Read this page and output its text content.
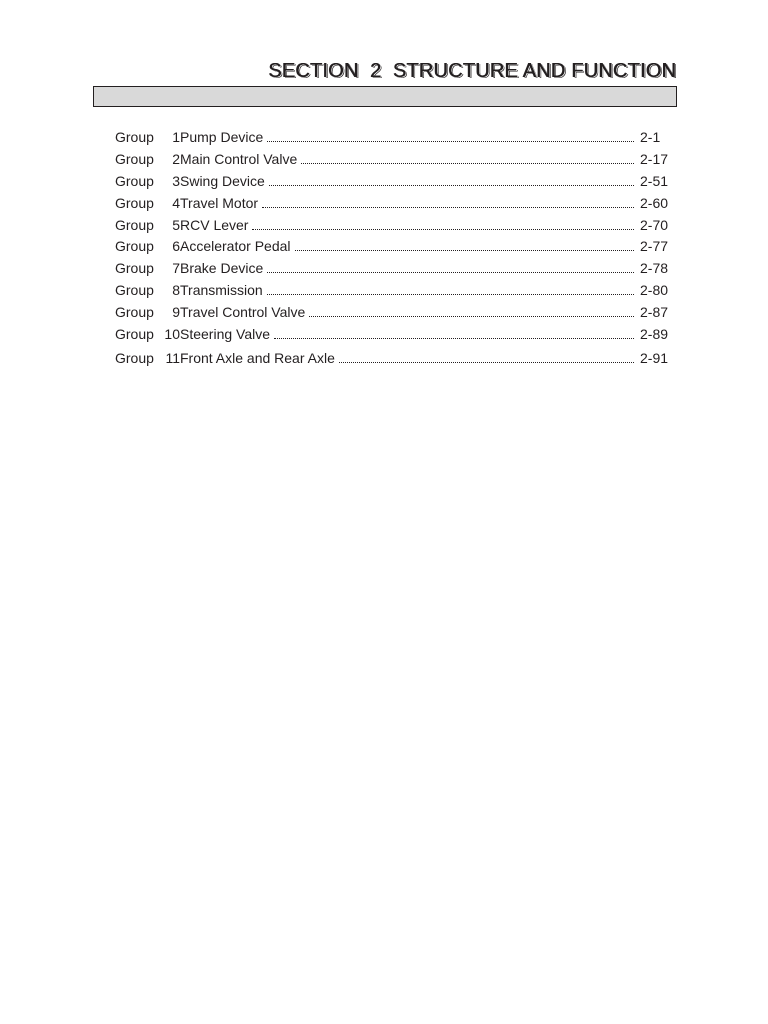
SECTION  2  STRUCTURE AND FUNCTION
Group	1 Pump Device	2-1
Group	2 Main Control Valve	2-17
Group	3 Swing Device	2-51
Group	4 Travel Motor	2-60
Group	5 RCV Lever	2-70
Group	6 Accelerator Pedal	2-77
Group	7 Brake Device	2-78
Group	8 Transmission	2-80
Group	9 Travel Control Valve	2-87
Group 10 Steering Valve	2-89
Group 11 Front Axle and Rear Axle	2-91
